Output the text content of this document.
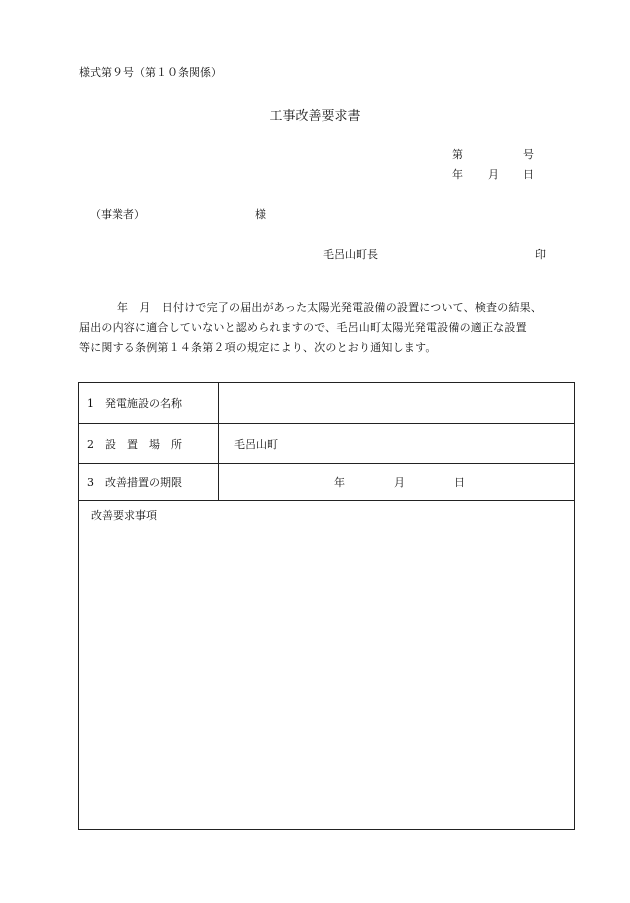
様式第９号（第１０条関係）
工事改善要求書
第	号
年 月 日
（事業者）	様
毛呂山町長	印
年　月　日付けで完了の届出があった太陽光発電設備の設置について、検査の結果、
届出の内容に適合していないと認められますので、毛呂山町太陽光発電設備の適正な設置
等に関する条例第１４条第２項の規定により、次のとおり通知します。
1　発電施設の名称
2　設　置　場　所	毛呂山町
3　改善措置の期限	年	月	日
改善要求事項
